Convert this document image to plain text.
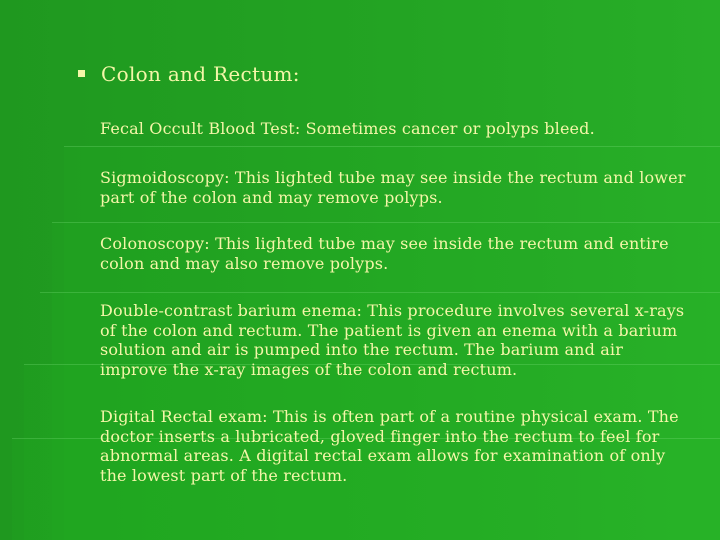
Colon and Rectum:
Fecal Occult Blood Test: Sometimes cancer or polyps bleed.
Sigmoidoscopy: This lighted tube may see inside the rectum and lower part of the colon and may remove polyps.
Colonoscopy: This lighted tube may see inside the rectum and entire colon and may also remove polyps.
Double-contrast barium enema: This procedure involves several x-rays of the colon and rectum. The patient is given an enema with a barium solution and air is pumped into the rectum. The barium and air improve the x-ray images of the colon and rectum.
Digital Rectal exam: This is often part of a routine physical exam. The doctor inserts a lubricated, gloved finger into the rectum to feel for abnormal areas. A digital rectal exam allows for examination of only the lowest part of the rectum.
